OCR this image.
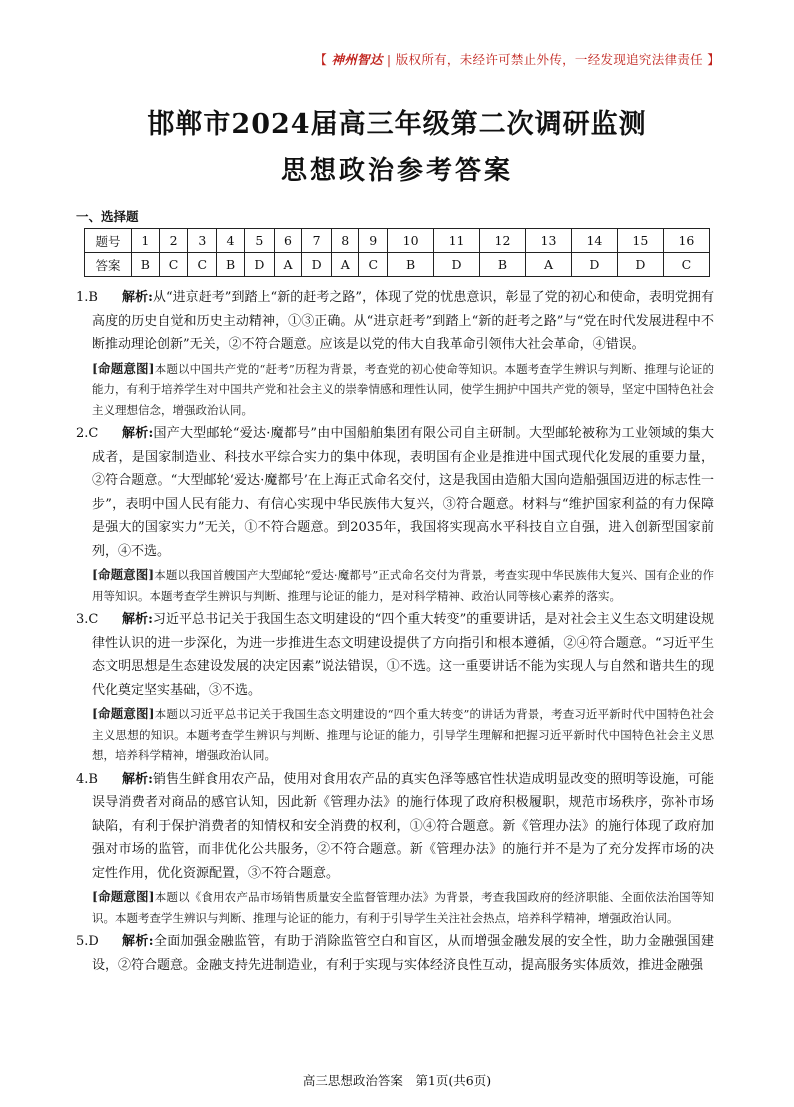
【 神州智达 | 版权所有，未经许可禁止外传，一经发现追究法律责任 】
邯郸市2024届高三年级第二次调研监测
思想政治参考答案
一、选择题
题号	1	2	3	4	5	6	7	8	9	10	11	12	13	14	15	16
答案	B	C	C	B	D	A	D	A	C	B	D	B	A	D	D	C

1.B	解析:从“进京赶考”到踏上“新的赶考之路”，体现了党的忧患意识，彰显了党的初心和使命，表明党拥有高度的历史自觉和历史主动精神，①③正确。从“进京赶考”到踏上“新的赶考之路”与“党在时代发展进程中不断推动理论创新”无关，②不符合题意。应该是以党的伟大自我革命引领伟大社会革命，④错误。

[命题意图]本题以中国共产党的“赶考”历程为背景，考查党的初心使命等知识。本题考查学生辨识与判断、推理与论证的能力，有利于培养学生对中国共产党和社会主义的崇拳情感和理性认同，使学生拥护中国共产党的领导，坚定中国特色社会主义理想信念，增强政治认同。

2.C	解析:国产大型邮轮“爱达·魔都号”由中国船舶集团有限公司自主研制。大型邮轮被称为工业领域的集大成者，是国家制造业、科技水平综合实力的集中体现，表明国有企业是推进中国式现代化发展的重要力量，②符合题意。“大型邮轮‘爱达·魔都号’在上海正式命名交付，这是我国由造船大国向造船强国迈进的标志性一步”，表明中国人民有能力、有信心实现中华民族伟大复兴，③符合题意。材料与“维护国家利益的有力保障是强大的国家实力”无关，①不符合题意。到2035年，我国将实现高水平科技自立自强，进入创新型国家前列，④不选。

[命题意图]本题以我国首艘国产大型邮轮“爱达·魔都号”正式命名交付为背景，考查实现中华民族伟大复兴、国有企业的作用等知识。本题考查学生辨识与判断、推理与论证的能力，是对科学精神、政治认同等核心素养的落实。

3.C	解析:习近平总书记关于我国生态文明建设的“四个重大转变”的重要讲话，是对社会主义生态文明建设规律性认识的进一步深化，为进一步推进生态文明建设提供了方向指引和根本遵循，②④符合题意。“习近平生态文明思想是生态建设发展的决定因素”说法错误，①不选。这一重要讲话不能为实现人与自然和谐共生的现代化奠定坚实基础，③不选。

[命题意图]本题以习近平总书记关于我国生态文明建设的“四个重大转变”的讲话为背景，考查习近平新时代中国特色社会主义思想的知识。本题考查学生辨识与判断、推理与论证的能力，引导学生理解和把握习近平新时代中国特色社会主义思想，培养科学精神，增强政治认同。

4.B	解析:销售生鲜食用农产品，使用对食用农产品的真实色泽等感官性状造成明显改变的照明等设施，可能误导消费者对商品的感官认知，因此新《管理办法》的施行体现了政府积极履职，规范市场秩序，弥补市场缺陷，有利于保护消费者的知情权和安全消费的权利，①④符合题意。新《管理办法》的施行体现了政府加强对市场的监管，而非优化公共服务，②不符合题意。新《管理办法》的施行并不是为了充分发挥市场的决定性作用，优化资源配置，③不符合题意。

[命题意图]本题以《食用农产品市场销售质量安全监督管理办法》为背景，考查我国政府的经济职能、全面依法治国等知识。本题考查学生辨识与判断、推理与论证的能力，有利于引导学生关注社会热点，培养科学精神，增强政治认同。

5.D	解析:全面加强金融监管，有助于消除监管空白和盲区，从而增强金融发展的安全性，助力金融强国建设，②符合题意。金融支持先进制造业，有利于实现与实体经济良性互动，提高服务实体质效，推进金融强

高三思想政治答案　第1页(共6页)
